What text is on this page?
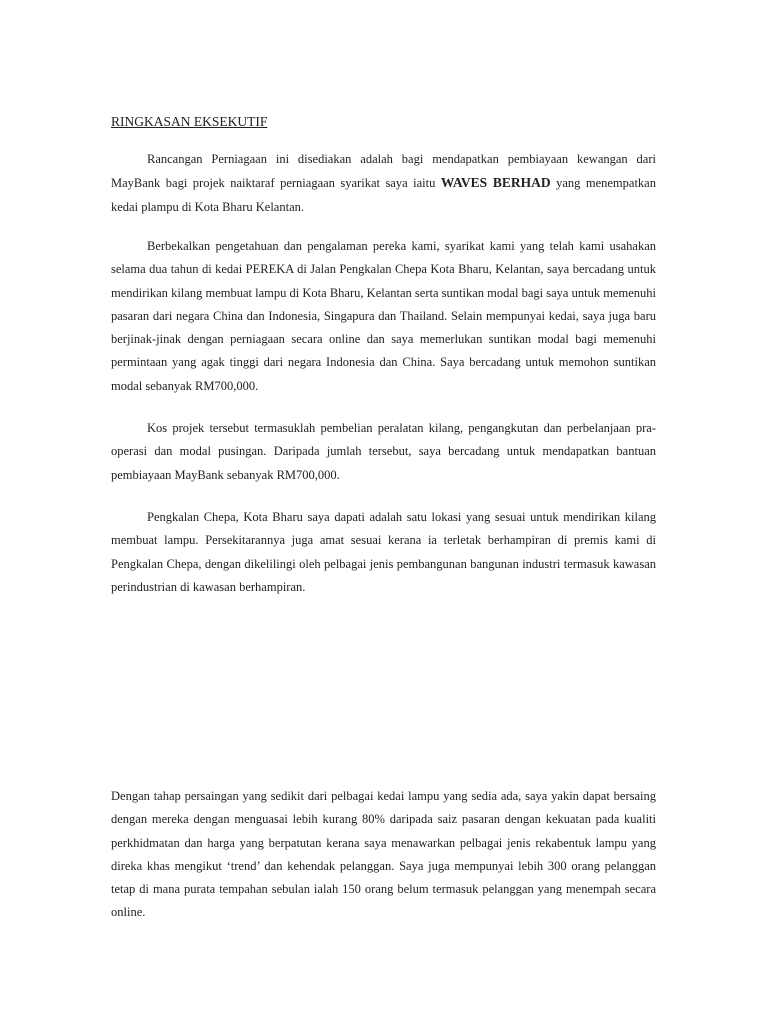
RINGKASAN EKSEKUTIF

Rancangan Perniagaan ini disediakan adalah bagi mendapatkan pembiayaan kewangan dari MayBank bagi projek naiktaraf perniagaan syarikat saya iaitu WAVES BERHAD yang menempatkan kedai plampu di Kota Bharu Kelantan.

Berbekalkan pengetahuan dan pengalaman pereka kami, syarikat kami yang telah kami usahakan selama dua tahun di kedai PEREKA di Jalan Pengkalan Chepa Kota Bharu, Kelantan, saya bercadang untuk mendirikan kilang membuat lampu di Kota Bharu, Kelantan serta suntikan modal bagi saya untuk memenuhi pasaran dari negara China dan Indonesia, Singapura dan Thailand. Selain mempunyai kedai, saya juga baru berjinak-jinak dengan perniagaan secara online dan saya memerlukan suntikan modal bagi memenuhi permintaan yang agak tinggi dari negara Indonesia dan China. Saya bercadang untuk memohon suntikan modal sebanyak RM700,000.

Kos projek tersebut termasuklah pembelian peralatan kilang, pengangkutan dan perbelanjaan pra-operasi dan modal pusingan. Daripada jumlah tersebut, saya bercadang untuk mendapatkan bantuan pembiayaan MayBank sebanyak RM700,000.

Pengkalan Chepa, Kota Bharu saya dapati adalah satu lokasi yang sesuai untuk mendirikan kilang membuat lampu. Persekitarannya juga amat sesuai kerana ia terletak berhampiran di premis kami di Pengkalan Chepa, dengan dikelilingi oleh pelbagai jenis pembangunan bangunan industri termasuk kawasan perindustrian di kawasan berhampiran.

Dengan tahap persaingan yang sedikit dari pelbagai kedai lampu yang sedia ada, saya yakin dapat bersaing dengan mereka dengan menguasai lebih kurang 80% daripada saiz pasaran dengan kekuatan pada kualiti perkhidmatan dan harga yang berpatutan kerana saya menawarkan pelbagai jenis rekabentuk lampu yang direka khas mengikut ‘trend’ dan kehendak pelanggan. Saya juga mempunyai lebih 300 orang pelanggan tetap di mana purata tempahan sebulan ialah 150 orang belum termasuk pelanggan yang menempah secara online.
